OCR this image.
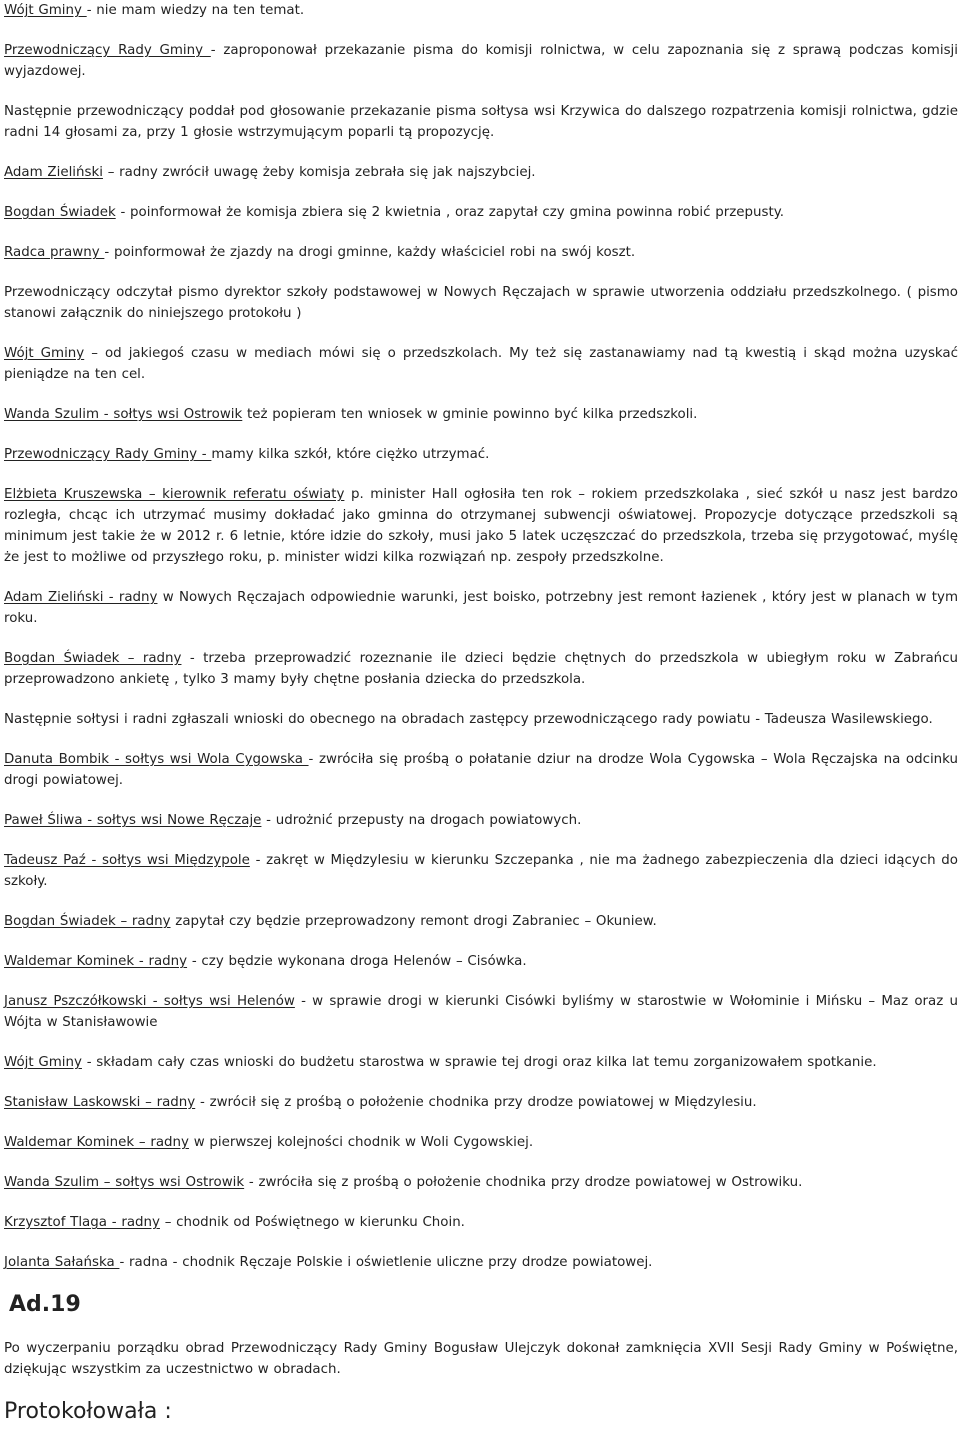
Wójt Gminy - nie mam wiedzy na ten temat.

Przewodniczący Rady Gminy - zaproponował przekazanie pisma do komisji rolnictwa, w celu zapoznania się z sprawą podczas komisji wyjazdowej.

Następnie przewodniczący poddał pod głosowanie przekazanie pisma sołtysa wsi Krzywica do dalszego rozpatrzenia komisji rolnictwa, gdzie radni 14 głosami za, przy 1 głosie wstrzymującym poparli tą propozycję.

Adam Zieliński – radny zwrócił uwagę żeby komisja zebrała się jak najszybciej.

Bogdan Świadek - poinformował że komisja zbiera się 2 kwietnia , oraz zapytał czy gmina powinna robić przepusty.

Radca prawny - poinformował że zjazdy na drogi gminne, każdy właściciel robi na swój koszt.

Przewodniczący odczytał pismo dyrektor szkoły podstawowej w Nowych Ręczajach w sprawie utworzenia oddziału przedszkolnego. ( pismo stanowi załącznik do niniejszego protokołu )

Wójt Gminy – od jakiegoś czasu w mediach mówi się o przedszkolach. My też się zastanawiamy nad tą kwestią i skąd można uzyskać pieniądze na ten cel.

Wanda Szulim - sołtys wsi Ostrowik też popieram ten wniosek w gminie powinno być kilka przedszkoli.

Przewodniczący Rady Gminy - mamy kilka szkół, które ciężko utrzymać.

Elżbieta Kruszewska – kierownik referatu oświaty p. minister Hall ogłosiła ten rok – rokiem przedszkolaka , sieć szkół u nasz jest bardzo rozległa, chcąc ich utrzymać musimy dokładać jako gminna do otrzymanej subwencji oświatowej. Propozycje dotyczące przedszkoli są minimum jest takie że w 2012 r. 6 letnie, które idzie do szkoły, musi jako 5 latek uczęszczać do przedszkola, trzeba się przygotować, myślę że jest to możliwe od przyszłego roku, p. minister widzi kilka rozwiązań np. zespoły przedszkolne.

Adam Zieliński - radny w Nowych Ręczajach odpowiednie warunki, jest boisko, potrzebny jest remont łazienek , który jest w planach w tym roku.

Bogdan Świadek – radny - trzeba przeprowadzić rozeznanie ile dzieci będzie chętnych do przedszkola w ubiegłym roku w Zabrańcu przeprowadzono ankietę , tylko 3 mamy były chętne posłania dziecka do przedszkola.

Następnie sołtysi i radni zgłaszali wnioski do obecnego na obradach zastępcy przewodniczącego rady powiatu - Tadeusza Wasilewskiego.

Danuta Bombik - sołtys wsi Wola Cygowska - zwróciła się prośbą o połatanie dziur na drodze Wola Cygowska – Wola Ręczajska na odcinku drogi powiatowej.

Paweł Śliwa - sołtys wsi Nowe Ręczaje - udrożnić przepusty na drogach powiatowych.

Tadeusz Paź - sołtys wsi Międzypole - zakręt w Międzylesiu w kierunku Szczepanka , nie ma żadnego zabezpieczenia dla dzieci idących do szkoły.

Bogdan Świadek – radny zapytał czy będzie przeprowadzony remont drogi Zabraniec – Okuniew.

Waldemar Kominek - radny - czy będzie wykonana droga Helenów – Cisówka.

Janusz Pszczółkowski - sołtys wsi Helenów - w sprawie drogi w kierunki Cisówki byliśmy w starostwie w Wołominie i Mińsku – Maz oraz u Wójta w Stanisławowie

Wójt Gminy - składam cały czas wnioski do budżetu starostwa w sprawie tej drogi oraz kilka lat temu zorganizowałem spotkanie.

Stanisław Laskowski – radny - zwrócił się z prośbą o położenie chodnika przy drodze powiatowej w Międzylesiu.

Waldemar Kominek – radny w pierwszej kolejności chodnik w Woli Cygowskiej.

Wanda Szulim – sołtys wsi Ostrowik - zwróciła się z prośbą o położenie chodnika przy drodze powiatowej w Ostrowiku.

Krzysztof Tlaga - radny – chodnik od Poświętnego w kierunku Choin.

Jolanta Sałańska - radna - chodnik Ręczaje Polskie i oświetlenie uliczne przy drodze powiatowej.

Ad.19

Po wyczerpaniu porządku obrad Przewodniczący Rady Gminy Bogusław Ulejczyk dokonał zamknięcia XVII Sesji Rady Gminy w Poświętne, dziękując wszystkim za uczestnictwo w obradach.

Protokołowała :
